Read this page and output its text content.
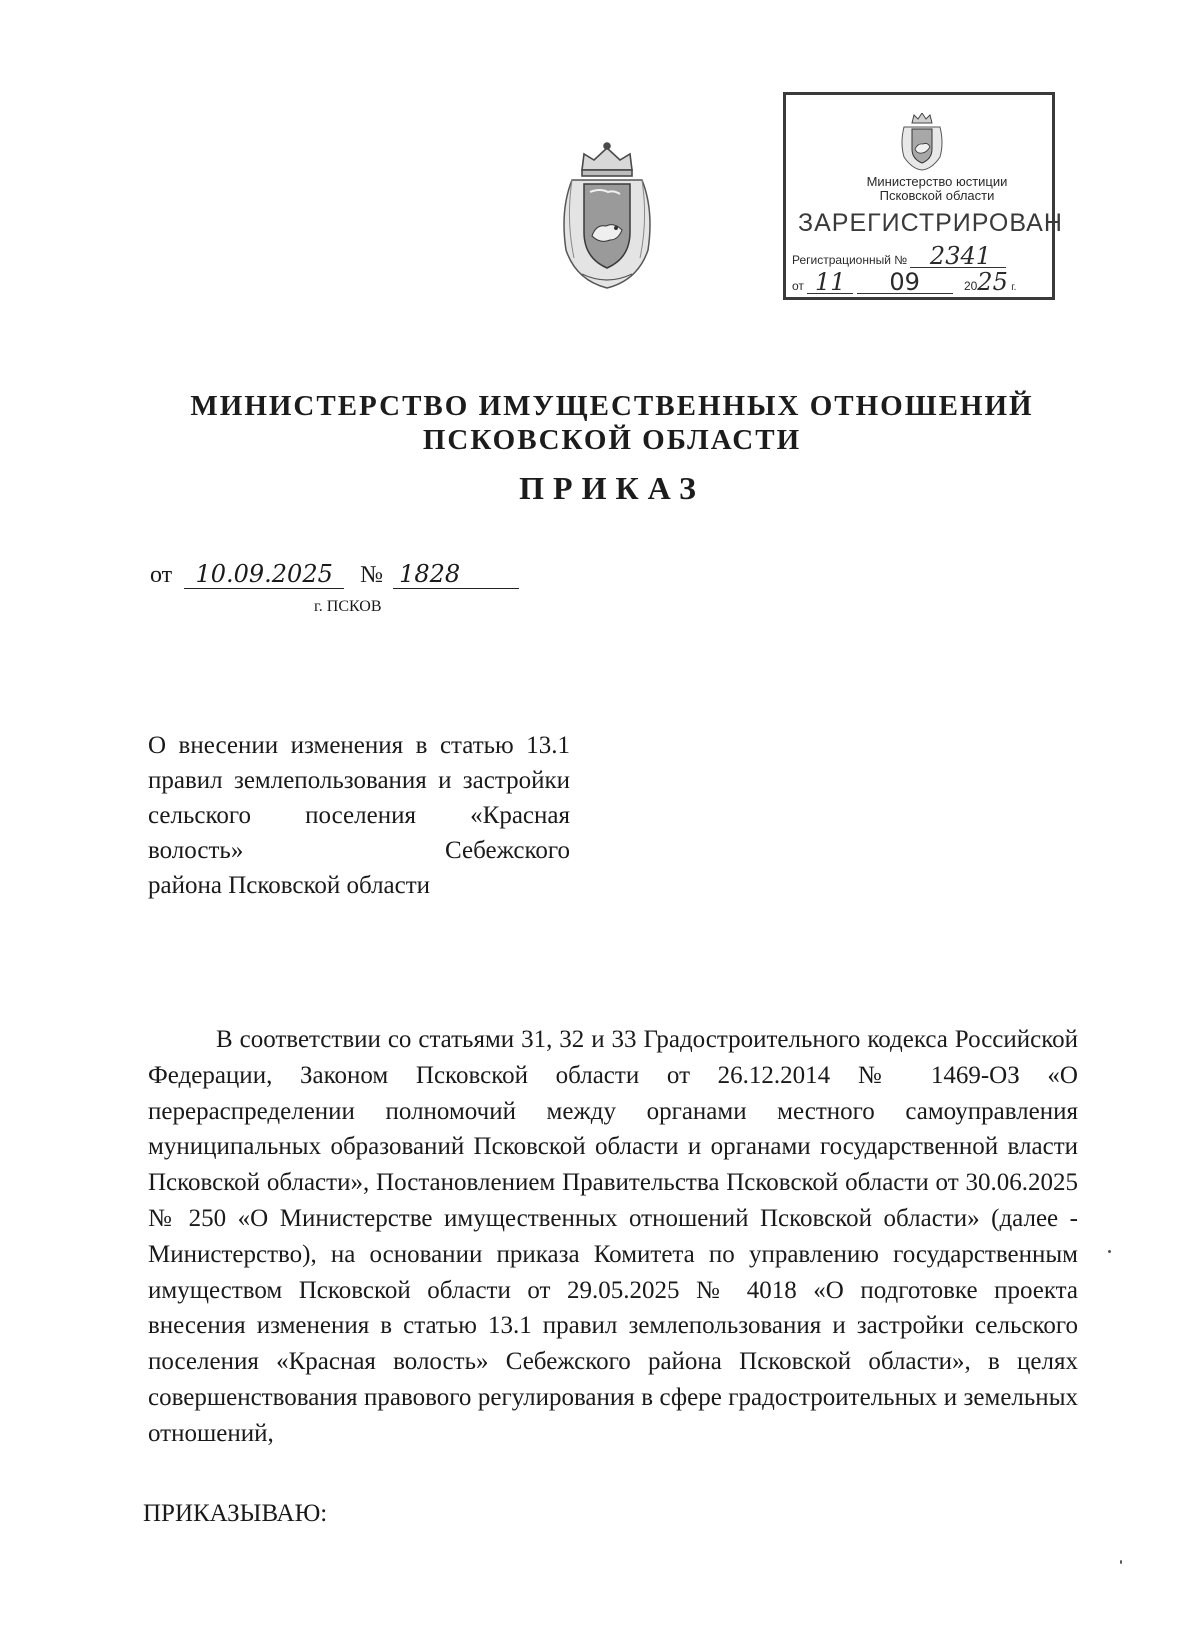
Министерство юстиции
Псковской области
ЗАРЕГИСТРИРОВАН
Регистрационный № 2341
от 11 09	2025 г.
МИНИСТЕРСТВО ИМУЩЕСТВЕННЫХ ОТНОШЕНИЙ
ПСКОВСКОЙ ОБЛАСТИ
ПРИКАЗ
от 10.09.2025 № 1828
г. ПСКОВ
О внесении изменения в статью 13.1 правил землепользования и застройки сельского поселения «Красная волость» Себежского
района Псковской области
В соответствии со статьями 31, 32 и 33 Градостроительного кодекса Российской Федерации, Законом Псковской области от 26.12.2014 № 1469-ОЗ «О перераспределении полномочий между органами местного самоуправления муниципальных образований Псковской области и органами государственной власти Псковской области», Постановлением Правительства Псковской области от 30.06.2025 № 250 «О Министерстве имущественных отношений Псковской области» (далее - Министерство), на основании приказа Комитета по управлению государственным имуществом Псковской области от 29.05.2025 № 4018 «О подготовке проекта внесения изменения в статью 13.1 правил землепользования и застройки сельского поселения «Красная волость» Себежского района Псковской области», в целях совершенствования правового регулирования в сфере градостроительных и земельных отношений,
ПРИКАЗЫВАЮ:
